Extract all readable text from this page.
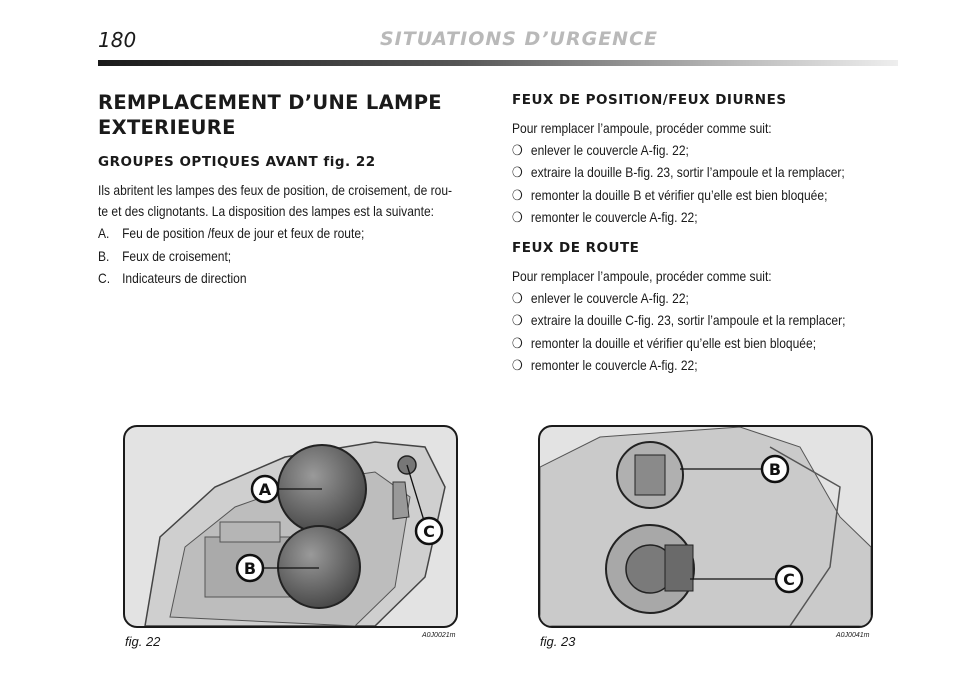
180	SITUATIONS D’URGENCE
REMPLACEMENT D’UNE LAMPE
EXTERIEURE
GROUPES OPTIQUES AVANT fig. 22
Ils abritent les lampes des feux de position, de croisement, de rou-
te et des clignotants. La disposition des lampes est la suivante:
A. Feu de position /feux de jour et feux de route;
B. Feux de croisement;
C. Indicateurs de direction
FEUX DE POSITION/FEUX DIURNES
Pour remplacer l’ampoule, procéder comme suit:
❍ enlever le couvercle A-fig. 22;
❍ extraire la douille B-fig. 23, sortir l’ampoule et la remplacer;
❍ remonter la douille B et vérifier qu’elle est bien bloquée;
❍ remonter le couvercle A-fig. 22;
FEUX DE ROUTE
Pour remplacer l’ampoule, procéder comme suit:
❍ enlever le couvercle A-fig. 22;
❍ extraire la douille C-fig. 23, sortir l’ampoule et la remplacer;
❍ remonter la douille et vérifier qu’elle est bien bloquée;
❍ remonter le couvercle A-fig. 22;
A
B
C
fig. 22	A0J0021m
B
C
fig. 23	A0J0041m
